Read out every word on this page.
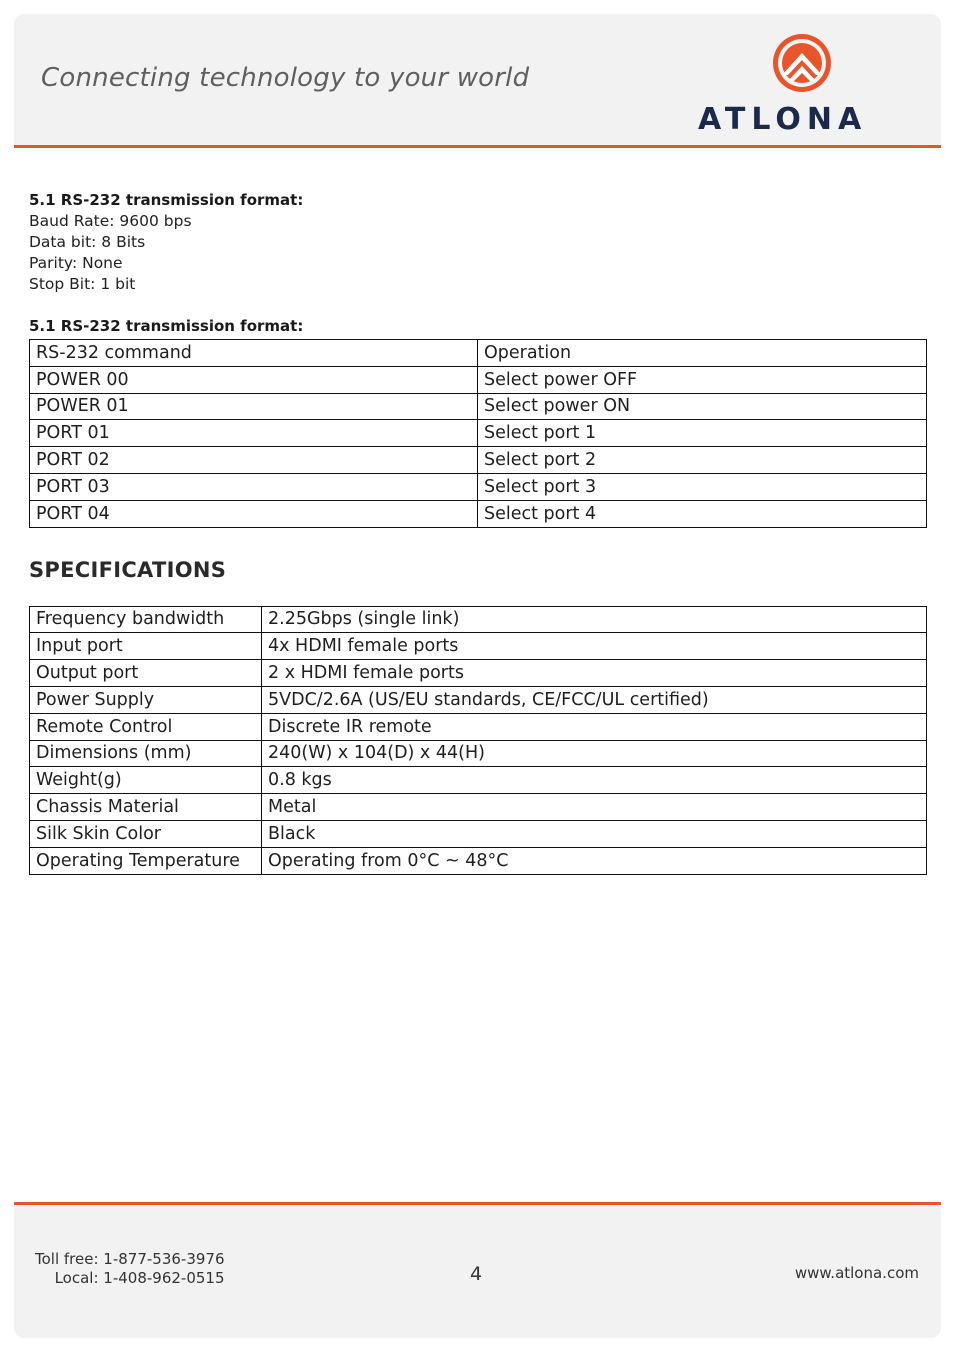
Connecting technology to your world
ATLONA

5.1 RS-232 transmission format:

Baud Rate: 9600 bps
Data bit: 8 Bits
Parity: None
Stop Bit: 1 bit

5.1 RS-232 transmission format:

RS-232 command	Operation
POWER 00	Select power OFF
POWER 01	Select power ON
PORT 01	Select port 1
PORT 02	Select port 2
PORT 03	Select port 3
PORT 04	Select port 4
SPECIFICATIONS
Frequency bandwidth	2.25Gbps (single link)
Input port	4x HDMI female ports
Output port	2 x HDMI female ports
Power Supply	5VDC/2.6A (US/EU standards, CE/FCC/UL certified)
Remote Control	Discrete IR remote
Dimensions (mm)	240(W) x 104(D) x 44(H)
Weight(g)	0.8 kgs
Chassis Material	Metal
Silk Skin Color	Black
Operating Temperature	Operating from 0°C ~ 48°C
Toll free: 1-877-536-3976
Local: 1-408-962-0515	4	www.atlona.com
